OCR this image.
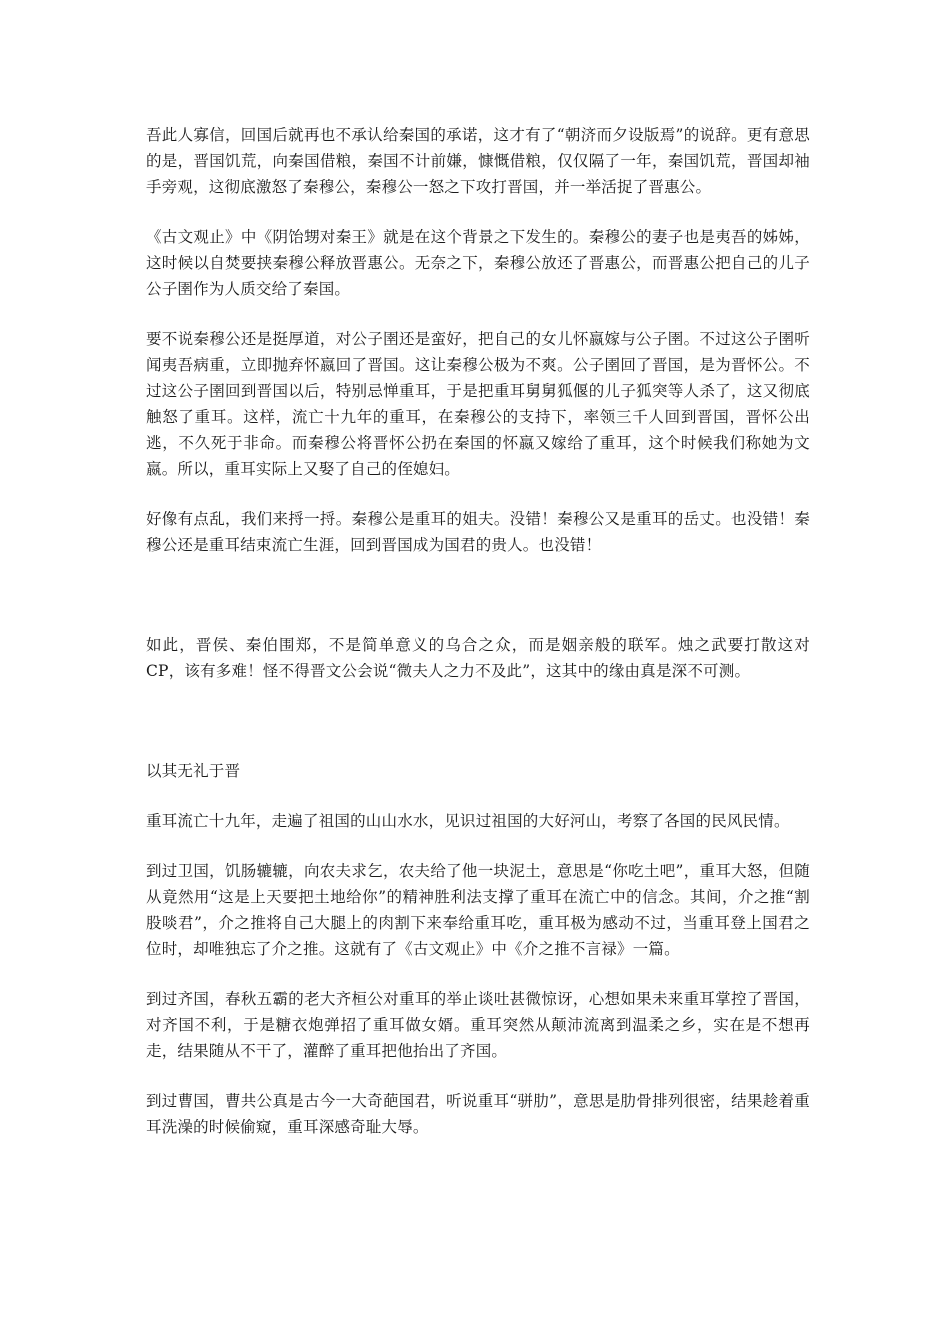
吾此人寡信，回国后就再也不承认给秦国的承诺，这才有了“朝济而夕设版焉”的说辞。更有意思的是，晋国饥荒，向秦国借粮，秦国不计前嫌，慷慨借粮，仅仅隔了一年，秦国饥荒，晋国却袖手旁观，这彻底激怒了秦穆公，秦穆公一怒之下攻打晋国，并一举活捉了晋惠公。

《古文观止》中《阴饴甥对秦王》就是在这个背景之下发生的。秦穆公的妻子也是夷吾的姊姊，这时候以自焚要挟秦穆公释放晋惠公。无奈之下，秦穆公放还了晋惠公，而晋惠公把自己的儿子公子圉作为人质交给了秦国。

要不说秦穆公还是挺厚道，对公子圉还是蛮好，把自己的女儿怀嬴嫁与公子圉。不过这公子圉听闻夷吾病重，立即抛弃怀嬴回了晋国。这让秦穆公极为不爽。公子圉回了晋国，是为晋怀公。不过这公子圉回到晋国以后，特别忌惮重耳，于是把重耳舅舅狐偃的儿子狐突等人杀了，这又彻底触怒了重耳。这样，流亡十九年的重耳，在秦穆公的支持下，率领三千人回到晋国，晋怀公出逃，不久死于非命。而秦穆公将晋怀公扔在秦国的怀嬴又嫁给了重耳，这个时候我们称她为文嬴。所以，重耳实际上又娶了自己的侄媳妇。

好像有点乱，我们来捋一捋。秦穆公是重耳的姐夫。没错！秦穆公又是重耳的岳丈。也没错！秦穆公还是重耳结束流亡生涯，回到晋国成为国君的贵人。也没错！

如此，晋侯、秦伯围郑，不是简单意义的乌合之众，而是姻亲般的联军。烛之武要打散这对 CP，该有多难！怪不得晋文公会说“微夫人之力不及此”，这其中的缘由真是深不可测。

以其无礼于晋

重耳流亡十九年，走遍了祖国的山山水水，见识过祖国的大好河山，考察了各国的民风民情。

到过卫国，饥肠辘辘，向农夫求乞，农夫给了他一块泥土，意思是“你吃土吧”，重耳大怒，但随从竟然用“这是上天要把土地给你”的精神胜利法支撑了重耳在流亡中的信念。其间，介之推“割股啖君”，介之推将自己大腿上的肉割下来奉给重耳吃，重耳极为感动不过，当重耳登上国君之位时，却唯独忘了介之推。这就有了《古文观止》中《介之推不言禄》一篇。

到过齐国，春秋五霸的老大齐桓公对重耳的举止谈吐甚微惊讶，心想如果未来重耳掌控了晋国，对齐国不利，于是糖衣炮弹招了重耳做女婿。重耳突然从颠沛流离到温柔之乡，实在是不想再走，结果随从不干了，灌醉了重耳把他抬出了齐国。

到过曹国，曹共公真是古今一大奇葩国君，听说重耳“骈肋”，意思是肋骨排列很密，结果趁着重耳洗澡的时候偷窥，重耳深感奇耻大辱。
